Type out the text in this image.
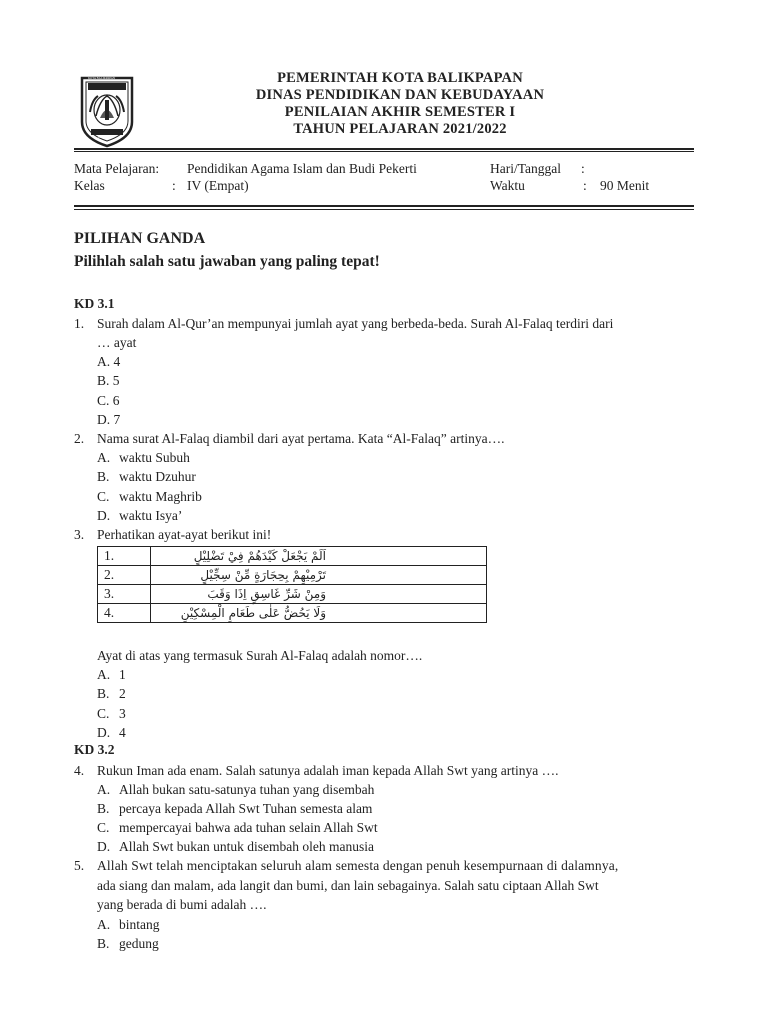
KOTA BALIKPAPAN
BERIMAN
PEMERINTAH KOTA BALIKPAPAN
DINAS PENDIDIKAN DAN KEBUDAYAAN
PENILAIAN AKHIR SEMESTER I
TAHUN PELAJARAN 2021/2022
Mata Pelajaran: Pendidikan Agama Islam dan Budi Pekerti
Kelas	: IV (Empat)
Hari/Tanggal :
Waktu	: 90 Menit
PILIHAN GANDA
Pilihlah salah satu jawaban yang paling tepat!
KD 3.1
1. Surah dalam Al-Qur’an mempunyai jumlah ayat yang berbeda-beda. Surah Al-Falaq terdiri dari
… ayat
A. 4
B. 5
C. 6
D. 7
2. Nama surat Al-Falaq diambil dari ayat pertama. Kata “Al-Falaq” artinya….
A. waktu Subuh
B. waktu Dzuhur
C. waktu Maghrib
D. waktu Isya’
3. Perhatikan ayat-ayat berikut ini!
1.	اَلَمْ يَجْعَلْ كَيْدَهُمْ فِيْ تَضْلِيْلٍ
2.	تَرْمِيْهِمْ بِحِجَارَةٍ مِّنْ سِجِّيْلٍ
3.	وَمِنْ شَرِّ غَاسِقٍ اِذَا وَقَبَ
4.	وَلَا يَحُضُّ عَلٰى طَعَامِ الْمِسْكِيْنِ
Ayat di atas yang termasuk Surah Al-Falaq adalah nomor….
A. 1
B. 2
C. 3
D. 4
KD 3.2
4. Rukun Iman ada enam. Salah satunya adalah iman kepada Allah Swt yang artinya ….
A. Allah bukan satu-satunya tuhan yang disembah
B. percaya kepada Allah Swt Tuhan semesta alam
C. mempercayai bahwa ada tuhan selain Allah Swt
D. Allah Swt bukan untuk disembah oleh manusia
5. Allah Swt telah menciptakan seluruh alam semesta dengan penuh kesempurnaan di dalamnya,
ada siang dan malam, ada langit dan bumi, dan lain sebagainya. Salah satu ciptaan Allah Swt
yang berada di bumi adalah ….
A. bintang
B. gedung
